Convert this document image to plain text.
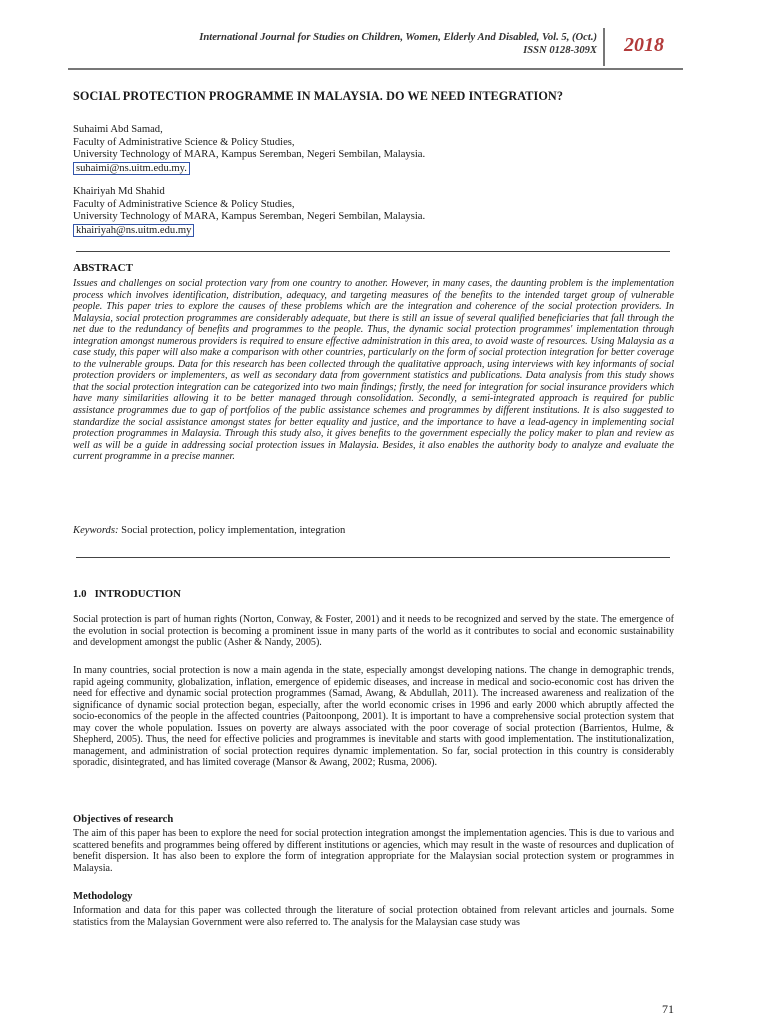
International Journal for Studies on Children, Women, Elderly And Disabled, Vol. 5, (Oct.)
ISSN 0128-309X	2018
SOCIAL PROTECTION PROGRAMME IN MALAYSIA. DO WE NEED INTEGRATION?
Suhaimi Abd Samad,
Faculty of Administrative Science & Policy Studies,
University Technology of MARA, Kampus Seremban, Negeri Sembilan, Malaysia.
suhaimi@ns.uitm.edu.my.
Khairiyah Md Shahid
Faculty of Administrative Science & Policy Studies,
University Technology of MARA, Kampus Seremban, Negeri Sembilan, Malaysia.
khairiyah@ns.uitm.edu.my
ABSTRACT

Issues and challenges on social protection vary from one country to another. However, in many cases, the daunting problem is the implementation process which involves identification, distribution, adequacy, and targeting measures of the benefits to the intended target group of vulnerable people. This paper tries to explore the causes of these problems which are the integration and coherence of the social protection providers. In Malaysia, social protection programmes are considerably adequate, but there is still an issue of several qualified beneficiaries that fall through the net due to the redundancy of benefits and programmes to the people. Thus, the dynamic social protection programmes' implementation through integration amongst numerous providers is required to ensure effective administration in this area, to avoid waste of resources. Using Malaysia as a case study, this paper will also make a comparison with other countries, particularly on the form of social protection integration for better coverage to the vulnerable groups. Data for this research has been collected through the qualitative approach, using interviews with key informants of social protection providers or implementers, as well as secondary data from government statistics and publications. Data analysis from this study shows that the social protection integration can be categorized into two main findings; firstly, the need for integration for social insurance providers which have many similarities allowing it to be better managed through consolidation. Secondly, a semi-integrated approach is required for public assistance programmes due to gap of portfolios of the public assistance schemes and programmes by different institutions. It is also suggested to standardize the social assistance amongst states for better equality and justice, and the importance to have a lead-agency in implementing social protection programmes in Malaysia. Through this study also, it gives benefits to the government especially the policy maker to plan and review as well as will be a guide in addressing social protection issues in Malaysia. Besides, it also enables the authority body to analyze and evaluate the current programme in a precise manner.

Keywords: Social protection, policy implementation, integration
1.0   INTRODUCTION

Social protection is part of human rights (Norton, Conway, & Foster, 2001) and it needs to be recognized and served by the state. The emergence of the evolution in social protection is becoming a prominent issue in many parts of the world as it contributes to social and economic sustainability and development amongst the public (Asher & Nandy, 2005).

In many countries, social protection is now a main agenda in the state, especially amongst developing nations. The change in demographic trends, rapid ageing community, globalization, inflation, emergence of epidemic diseases, and increase in medical and socio-economic cost has driven the need for effective and dynamic social protection programmes (Samad, Awang, & Abdullah, 2011). The increased awareness and realization of the significance of dynamic social protection began, especially, after the world economic crises in 1996 and early 2000 which abruptly affected the socio-economics of the people in the affected countries (Paitoonpong, 2001). It is important to have a comprehensive social protection system that may cover the whole population. Issues on poverty are always associated with the poor coverage of social protection (Barrientos, Hulme, & Shepherd, 2005). Thus, the need for effective policies and programmes is inevitable and starts with good implementation. The institutionalization, management, and administration of social protection requires dynamic implementation. So far, social protection in this country is considerably sporadic, disintegrated, and has limited coverage (Mansor & Awang, 2002; Rusma, 2006).

Objectives of research

The aim of this paper has been to explore the need for social protection integration amongst the implementation agencies. This is due to various and scattered benefits and programmes being offered by different institutions or agencies, which may result in the waste of resources and duplication of benefit dispersion. It has also been to explore the form of integration appropriate for the Malaysian social protection system or programmes in Malaysia.

Methodology

Information and data for this paper was collected through the literature of social protection obtained from relevant articles and journals. Some statistics from the Malaysian Government were also referred to. The analysis for the Malaysian case study was

71
